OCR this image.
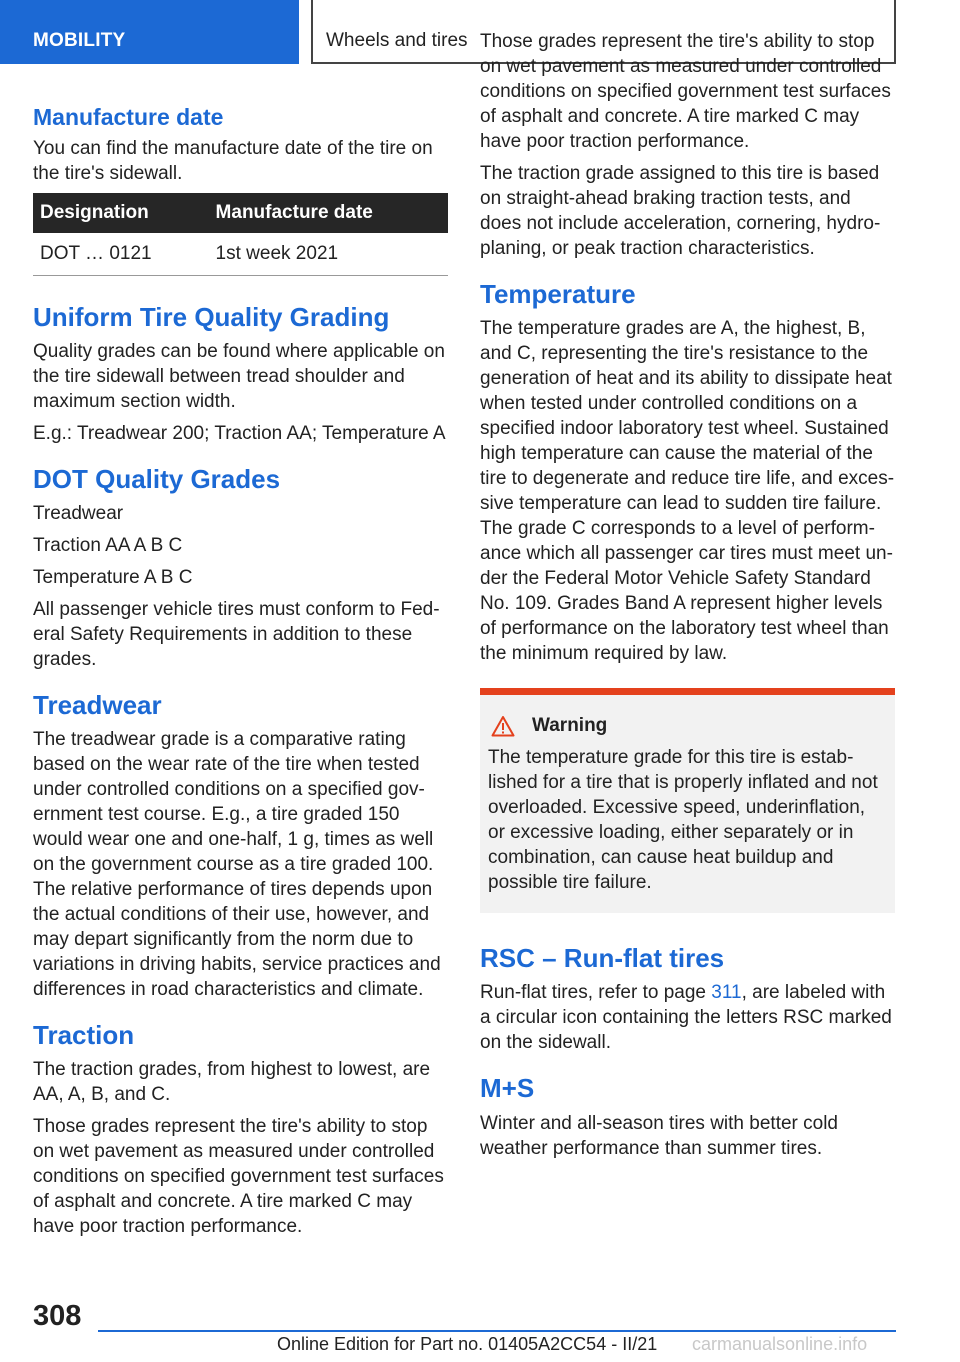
MOBILITY	Wheels and tires
Manufacture date

You can find the manufacture date of the tire on the tire's sidewall.

Designation	Manufacture date
DOT … 0121	1st week 2021
Uniform Tire Quality Grading

Quality grades can be found where applicable on the tire sidewall between tread shoulder and maximum section width.

E.g.: Treadwear 200; Traction AA; Temperature A

DOT Quality Grades

Treadwear

Traction AA A B C

Temperature A B C

All passenger vehicle tires must conform to Federal Safety Requirements in addition to these grades.

Treadwear

The treadwear grade is a comparative rating based on the wear rate of the tire when tested under controlled conditions on a specified government test course. E.g., a tire graded 150 would wear one and one-half, 1 g, times as well on the government course as a tire graded 100. The relative performance of tires depends upon the actual conditions of their use, however, and may depart significantly from the norm due to variations in driving habits, service practices and differences in road characteristics and climate.

Traction

The traction grades, from highest to lowest, are AA, A, B, and C.

Those grades represent the tire's ability to stop on wet pavement as measured under controlled conditions on specified government test surfaces of asphalt and concrete. A tire marked C may have poor traction performance.

Those grades represent the tire's ability to stop on wet pavement as measured under controlled conditions on specified government test surfaces of asphalt and concrete. A tire marked C may have poor traction performance.

The traction grade assigned to this tire is based on straight-ahead braking traction tests, and does not include acceleration, cornering, hydroplaning, or peak traction characteristics.

Temperature

The temperature grades are A, the highest, B, and C, representing the tire's resistance to the generation of heat and its ability to dissipate heat when tested under controlled conditions on a specified indoor laboratory test wheel. Sustained high temperature can cause the material of the tire to degenerate and reduce tire life, and excessive temperature can lead to sudden tire failure. The grade C corresponds to a level of performance which all passenger car tires must meet under the Federal Motor Vehicle Safety Standard No. 109. Grades Band A represent higher levels of performance on the laboratory test wheel than the minimum required by law.

Warning

The temperature grade for this tire is established for a tire that is properly inflated and not overloaded. Excessive speed, underinflation, or excessive loading, either separately or in combination, can cause heat buildup and possible tire failure.

RSC – Run-flat tires

Run-flat tires, refer to page 311, are labeled with a circular icon containing the letters RSC marked on the sidewall.

M+S

Winter and all-season tires with better cold weather performance than summer tires.

308
Online Edition for Part no. 01405A2CC54 - II/21 carmanualsonline.info
